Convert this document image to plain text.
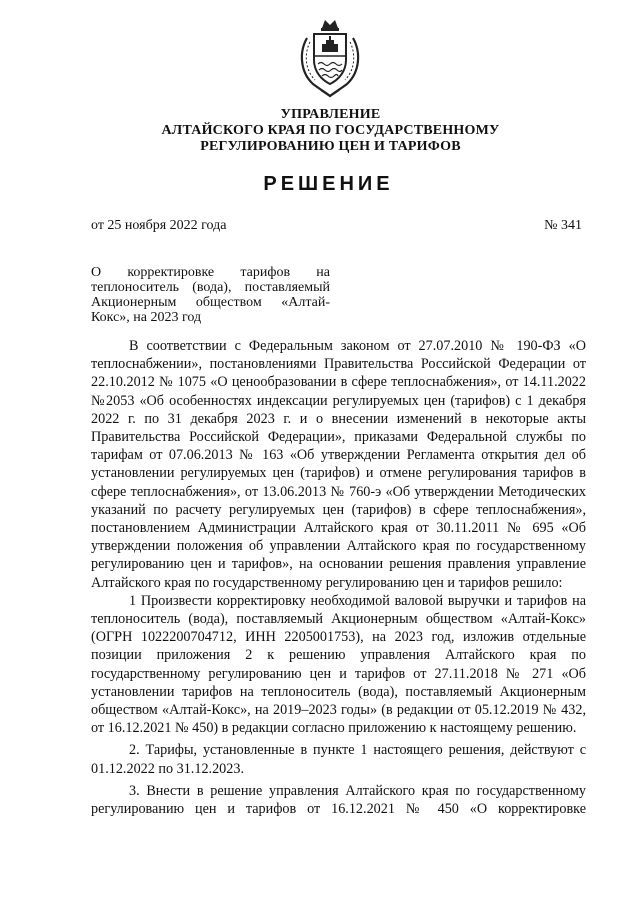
УПРАВЛЕНИЕ
АЛТАЙСКОГО КРАЯ ПО ГОСУДАРСТВЕННОМУ
РЕГУЛИРОВАНИЮ ЦЕН И ТАРИФОВ
РЕШЕНИЕ
от 25 ноября 2022 года	№ 341
О корректировке тарифов на
теплоноситель (вода), поставляемый
Акционерным обществом «Алтай-
Кокс», на 2023 год

В соответствии с Федеральным законом от 27.07.2010 № 190-ФЗ «О теплоснабжении», постановлениями Правительства Российской Федерации от 22.10.2012 № 1075 «О ценообразовании в сфере теплоснабжения», от 14.11.2022 №2053 «Об особенностях индексации регулируемых цен (тарифов) с 1 декабря 2022 г. по 31 декабря 2023 г. и о внесении изменений в некоторые акты Правительства Российской Федерации», приказами Федеральной службы по тарифам от 07.06.2013 № 163 «Об утверждении Регламента открытия дел об установлении регулируемых цен (тарифов) и отмене регулирования тарифов в сфере теплоснабжения», от 13.06.2013 № 760-э «Об утверждении Методических указаний по расчету регулируемых цен (тарифов) в сфере теплоснабжения», постановлением Администрации Алтайского края от 30.11.2011 № 695 «Об утверждении положения об управлении Алтайского края по государственному регулированию цен и тарифов», на основании решения правления управление Алтайского края по государственному регулированию цен и тарифов решило:

1 Произвести корректировку необходимой валовой выручки и тарифов на теплоноситель (вода), поставляемый Акционерным обществом «Алтай-Кокс» (ОГРН 1022200704712, ИНН 2205001753), на 2023 год, изложив отдельные позиции приложения 2 к решению управления Алтайского края по государственному регулированию цен и тарифов от 27.11.2018 № 271 «Об установлении тарифов на теплоноситель (вода), поставляемый Акционерным обществом «Алтай-Кокс», на 2019–2023 годы» (в редакции от 05.12.2019 № 432, от 16.12.2021 № 450) в редакции согласно приложению к настоящему решению.

2. Тарифы, установленные в пункте 1 настоящего решения, действуют с 01.12.2022 по 31.12.2023.

3. Внести в решение управления Алтайского края по государственному

регулированию цен и тарифов от 16.12.2021 № 450 «О корректировке
